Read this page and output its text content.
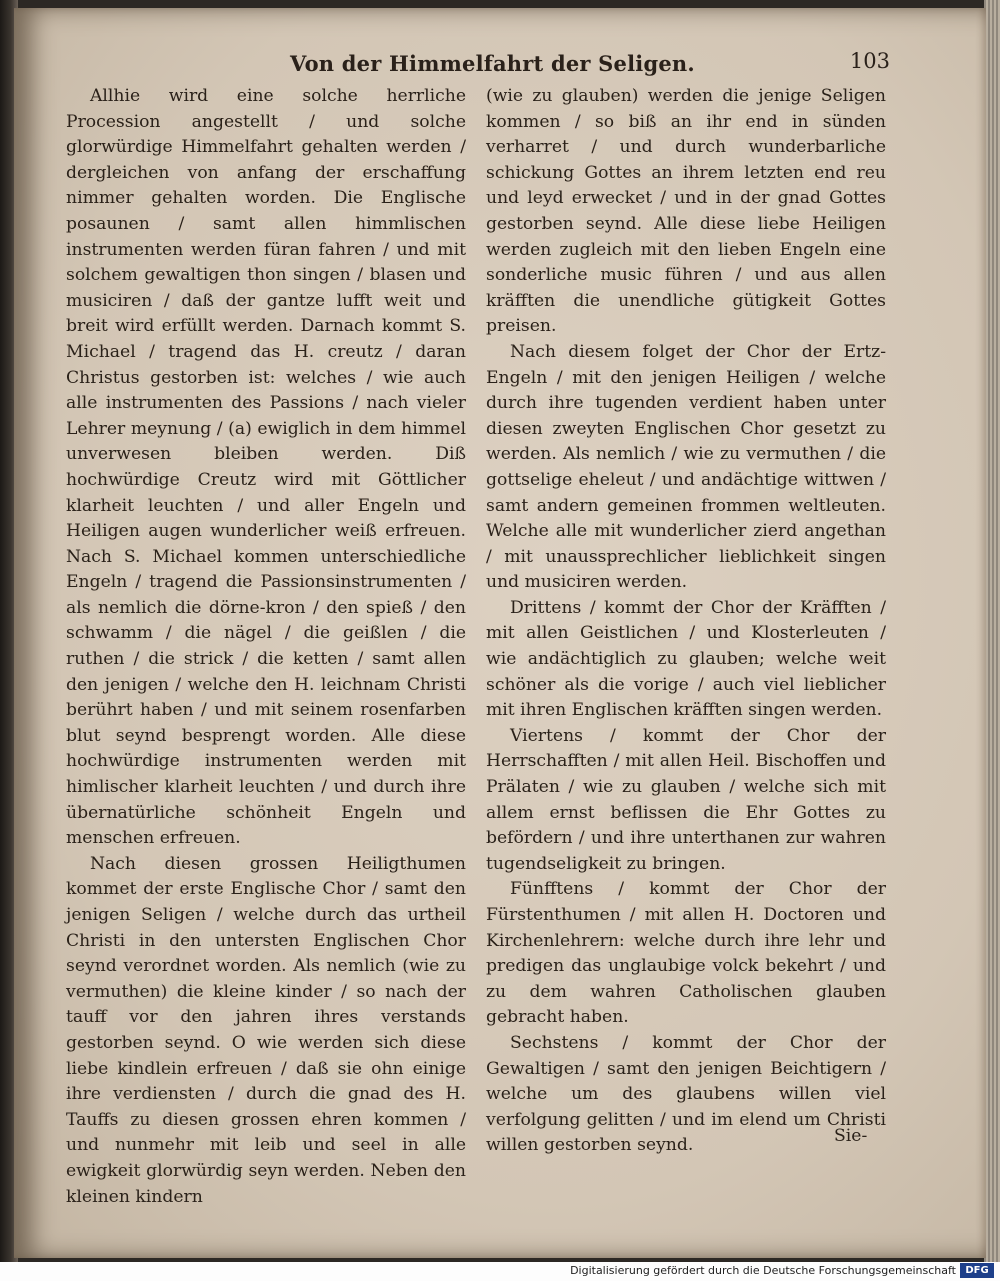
Von der Himmelfahrt der Seligen.	103

Allhie wird eine solche herrliche Procession angestellt / und solche glorwürdige Himmelfahrt gehalten werden / dergleichen von anfang der erschaffung nimmer gehalten worden. Die Englische posaunen / samt allen himmlischen instrumenten werden füran fahren / und mit solchem gewaltigen thon singen / blasen und musiciren / daß der gantze lufft weit und breit wird erfüllt werden. Darnach kommt S. Michael / tragend das H. creutz / daran Christus gestorben ist: welches / wie auch alle instrumenten des Passions / nach vieler Lehrer meynung / (a) ewiglich in dem himmel unverwesen bleiben werden. Diß hochwürdige Creutz wird mit Göttlicher klarheit leuchten / und aller Engeln und Heiligen augen wunderlicher weiß erfreuen. Nach S. Michael kommen unterschiedliche Engeln / tragend die Passionsinstrumenten / als nemlich die dörne-kron / den spieß / den schwamm / die nägel / die geißlen / die ruthen / die strick / die ketten / samt allen den jenigen / welche den H. leichnam Christi berührt haben / und mit seinem rosenfarben blut seynd besprengt worden. Alle diese hochwürdige instrumenten werden mit himlischer klarheit leuchten / und durch ihre übernatürliche schönheit Engeln und menschen erfreuen.

Nach diesen grossen Heiligthumen kommet der erste Englische Chor / samt den jenigen Seligen / welche durch das urtheil Christi in den untersten Englischen Chor seynd verordnet worden. Als nemlich (wie zu vermuthen) die kleine kinder / so nach der tauff vor den jahren ihres verstands gestorben seynd. O wie werden sich diese liebe kindlein erfreuen / daß sie ohn einige ihre verdiensten / durch die gnad des H. Tauffs zu diesen grossen ehren kommen / und nunmehr mit leib und seel in alle ewigkeit glorwürdig seyn werden. Neben den kleinen kindern

(wie zu glauben) werden die jenige Seligen kommen / so biß an ihr end in sünden verharret / und durch wunderbarliche schickung Gottes an ihrem letzten end reu und leyd erwecket / und in der gnad Gottes gestorben seynd. Alle diese liebe Heiligen werden zugleich mit den lieben Engeln eine sonderliche music führen / und aus allen kräfften die unendliche gütigkeit Gottes preisen.

Nach diesem folget der Chor der Ertz-Engeln / mit den jenigen Heiligen / welche durch ihre tugenden verdient haben unter diesen zweyten Englischen Chor gesetzt zu werden. Als nemlich / wie zu vermuthen / die gottselige eheleut / und andächtige wittwen / samt andern gemeinen frommen weltleuten. Welche alle mit wunderlicher zierd angethan / mit unaussprechlicher lieblichkeit singen und musiciren werden.

Drittens / kommt der Chor der Kräfften / mit allen Geistlichen / und Klosterleuten / wie andächtiglich zu glauben; welche weit schöner als die vorige / auch viel lieblicher mit ihren Englischen kräfften singen werden.

Viertens / kommt der Chor der Herrschafften / mit allen Heil. Bischoffen und Prälaten / wie zu glauben / welche sich mit allem ernst beflissen die Ehr Gottes zu befördern / und ihre unterthanen zur wahren tugendseligkeit zu bringen.

Fünfftens / kommt der Chor der Fürstenthumen / mit allen H. Doctoren und Kirchenlehrern: welche durch ihre lehr und predigen das unglaubige volck bekehrt / und zu dem wahren Catholischen glauben gebracht haben.

Sechstens / kommt der Chor der Gewaltigen / samt den jenigen Beichtigern / welche um des glaubens willen viel verfolgung gelitten / und im elend um Christi willen gestorben seynd.	Sie-
Digitalisierung gefördert durch die Deutsche Forschungsgemeinschaft DFG
